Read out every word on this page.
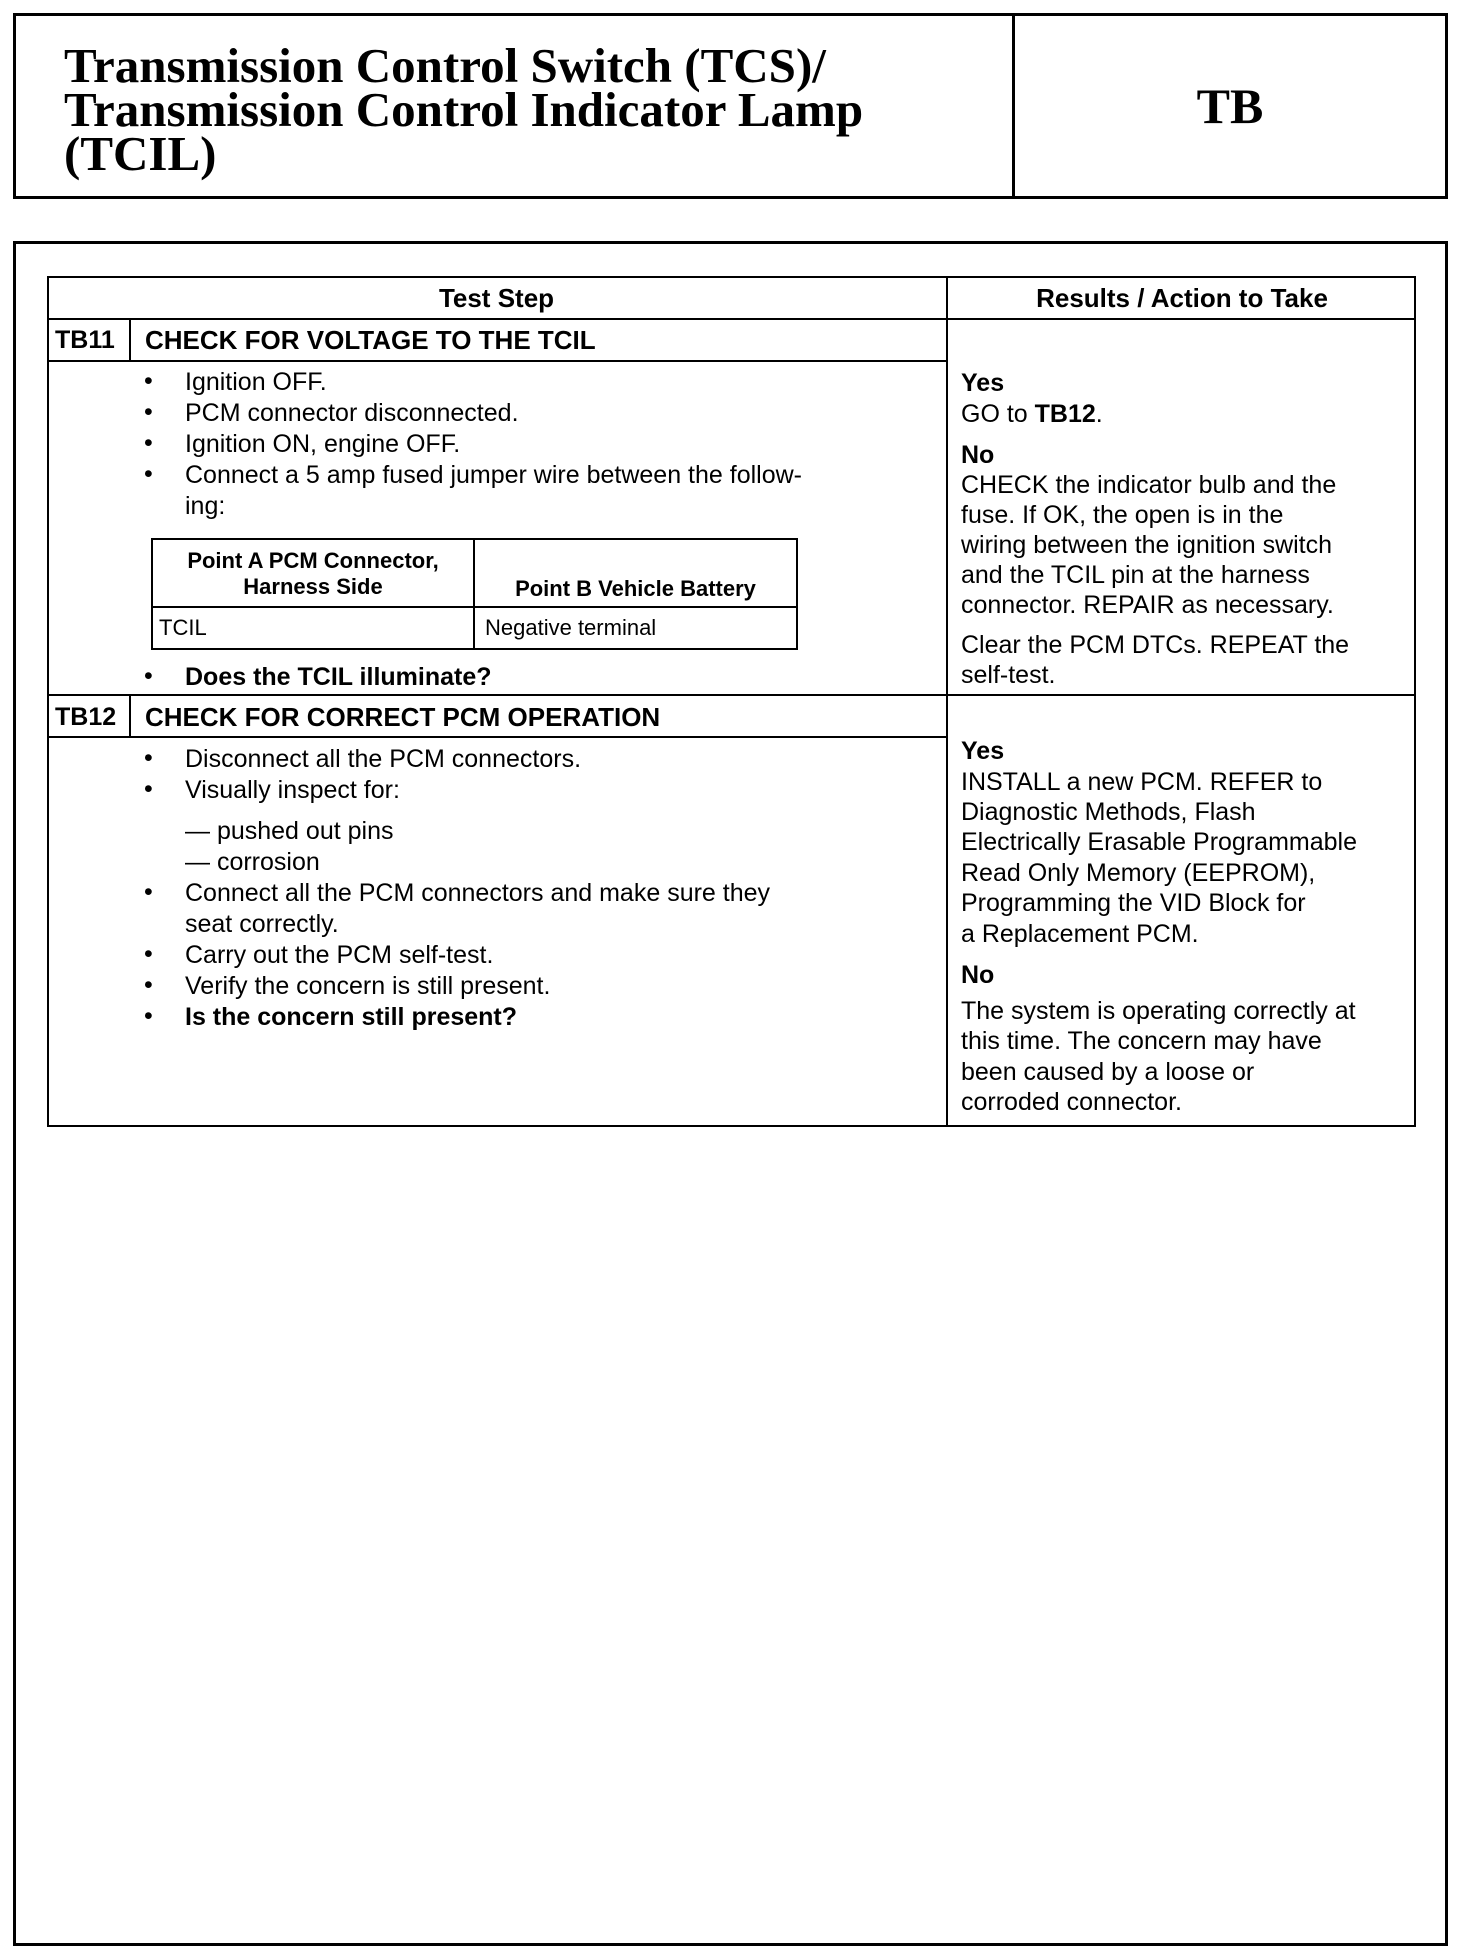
Transmission Control Switch (TCS)/
Transmission Control Indicator Lamp
(TCIL)
TB
Test Step	Results / Action to Take
TB11 CHECK FOR VOLTAGE TO THE TCIL
• Ignition OFF.
• PCM connector disconnected.
• Ignition ON, engine OFF.
• Connect a 5 amp fused jumper wire between the follow-
ing:
Point A PCM Connector,
Harness Side	Point B Vehicle Battery
TCIL	Negative terminal
• Does the TCIL illuminate?
Yes
GO to TB12.
No
CHECK the indicator bulb and the
fuse. If OK, the open is in the
wiring between the ignition switch
and the TCIL pin at the harness
connector. REPAIR as necessary.
Clear the PCM DTCs. REPEAT the
self-test.
TB12 CHECK FOR CORRECT PCM OPERATION
• Disconnect all the PCM connectors.
• Visually inspect for:
— pushed out pins
— corrosion
• Connect all the PCM connectors and make sure they
seat correctly.
• Carry out the PCM self-test.
• Verify the concern is still present.
• Is the concern still present?
Yes
INSTALL a new PCM. REFER to
Diagnostic Methods, Flash
Electrically Erasable Programmable
Read Only Memory (EEPROM),
Programming the VID Block for
a Replacement PCM.
No
The system is operating correctly at
this time. The concern may have
been caused by a loose or
corroded connector.
